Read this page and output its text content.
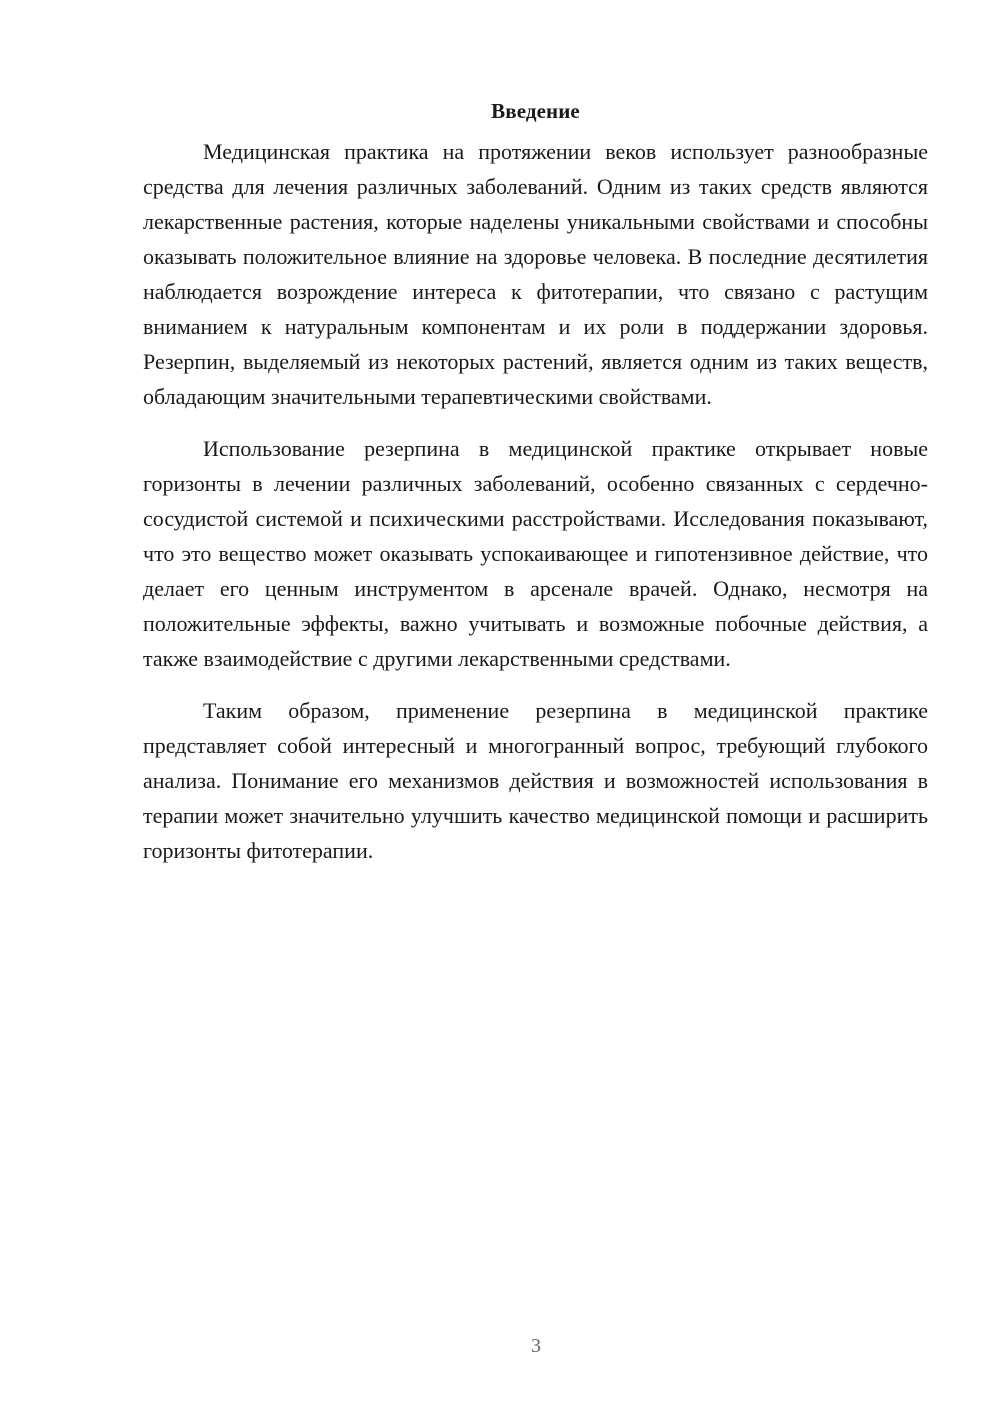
Введение

Медицинская практика на протяжении веков использует разнообразные средства для лечения различных заболеваний. Одним из таких средств являются лекарственные растения, которые наделены уникальными свойствами и способны оказывать положительное влияние на здоровье человека. В последние десятилетия наблюдается возрождение интереса к фитотерапии, что связано с растущим вниманием к натуральным компонентам и их роли в поддержании здоровья. Резерпин, выделяемый из некоторых растений, является одним из таких веществ, обладающим значительными терапевтическими свойствами.

Использование резерпина в медицинской практике открывает новые горизонты в лечении различных заболеваний, особенно связанных с сердечно-сосудистой системой и психическими расстройствами. Исследования показывают, что это вещество может оказывать успокаивающее и гипотензивное действие, что делает его ценным инструментом в арсенале врачей. Однако, несмотря на положительные эффекты, важно учитывать и возможные побочные действия, а также взаимодействие с другими лекарственными средствами.

Таким образом, применение резерпина в медицинской практике представляет собой интересный и многогранный вопрос, требующий глубокого анализа. Понимание его механизмов действия и возможностей использования в терапии может значительно улучшить качество медицинской помощи и расширить горизонты фитотерапии.

3
